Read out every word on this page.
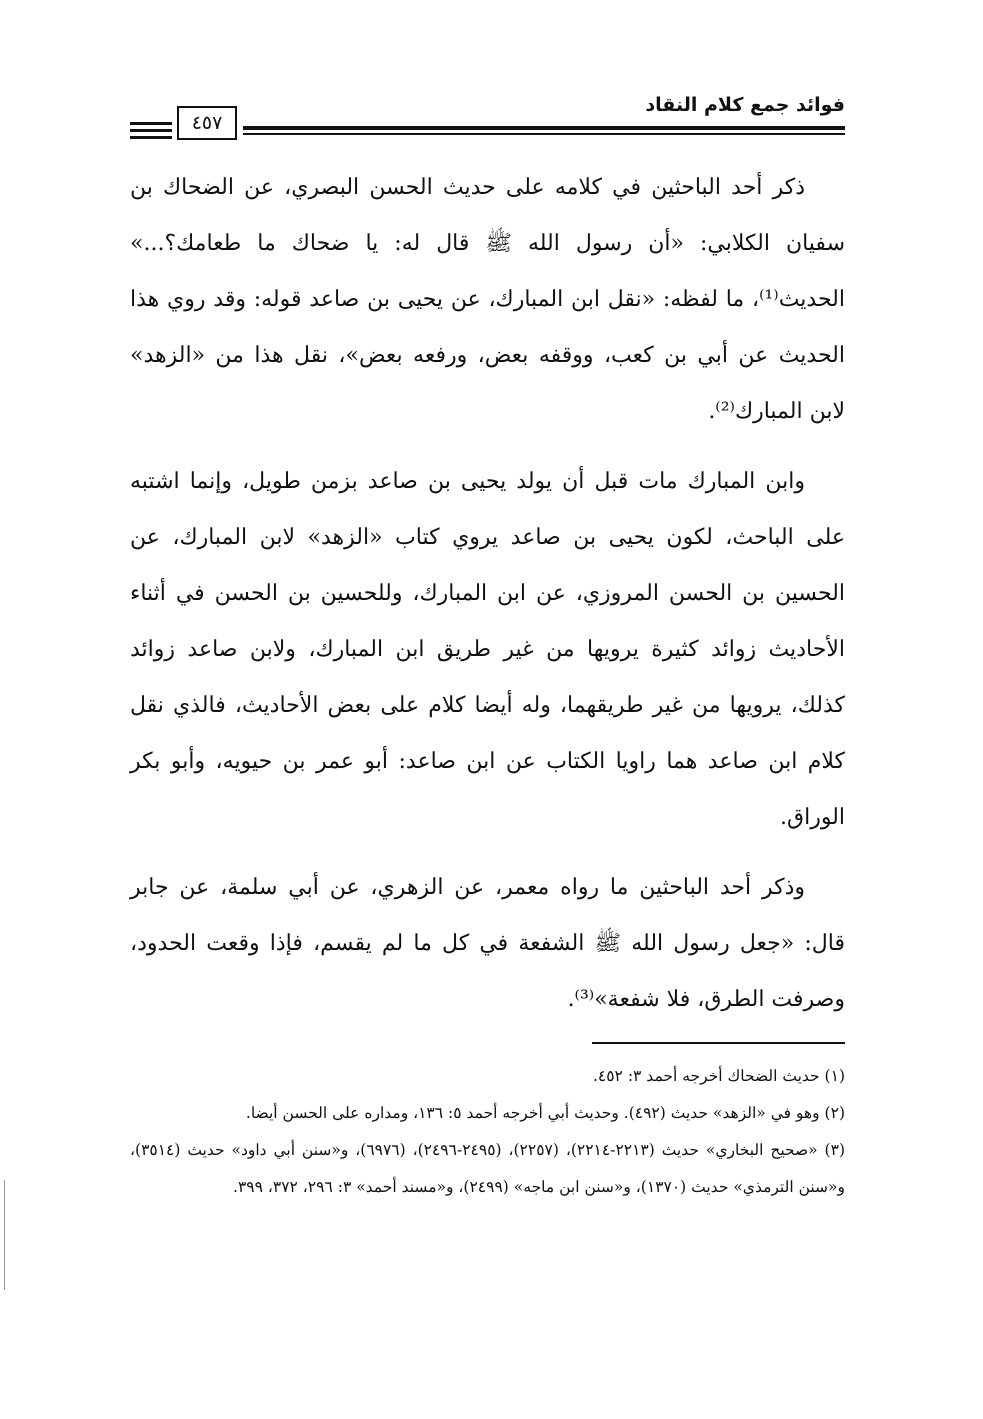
فوائد جمع كلام النقاد
٤٥٧

ذكر أحد الباحثين في كلامه على حديث الحسن البصري، عن الضحاك بن سفيان الكلابي: «أن رسول الله ﷺ قال له: يا ضحاك ما طعامك؟...» الحديث⁽¹⁾، ما لفظه: «نقل ابن المبارك، عن يحيى بن صاعد قوله: وقد روي هذا الحديث عن أبي بن كعب، ووقفه بعض، ورفعه بعض»، نقل هذا من «الزهد» لابن المبارك⁽²⁾.

وابن المبارك مات قبل أن يولد يحيى بن صاعد بزمن طويل، وإنما اشتبه على الباحث، لكون يحيى بن صاعد يروي كتاب «الزهد» لابن المبارك، عن الحسين بن الحسن المروزي، عن ابن المبارك، وللحسين بن الحسن في أثناء الأحاديث زوائد كثيرة يرويها من غير طريق ابن المبارك، ولابن صاعد زوائد كذلك، يرويها من غير طريقهما، وله أيضا كلام على بعض الأحاديث، فالذي نقل كلام ابن صاعد هما راويا الكتاب عن ابن صاعد: أبو عمر بن حيويه، وأبو بكر الوراق.

وذكر أحد الباحثين ما رواه معمر، عن الزهري، عن أبي سلمة، عن جابر قال: «جعل رسول الله ﷺ الشفعة في كل ما لم يقسم، فإذا وقعت الحدود، وصرفت الطرق، فلا شفعة»⁽³⁾.

(١) حديث الضحاك أخرجه أحمد ٣: ٤٥٢.

(٢) وهو في «الزهد» حديث (٤٩٢). وحديث أبي أخرجه أحمد ٥: ١٣٦، ومداره على الحسن أيضا.

(٣) «صحيح البخاري» حديث (٢٢١٣-٢٢١٤)، (٢٢٥٧)، (٢٤٩٥-٢٤٩٦)، (٦٩٧٦)، و«سنن أبي داود» حديث (٣٥١٤)، و«سنن الترمذي» حديث (١٣٧٠)، و«سنن ابن ماجه» (٢٤٩٩)، و«مسند أحمد» ٣: ٢٩٦، ٣٧٢، ٣٩٩.
